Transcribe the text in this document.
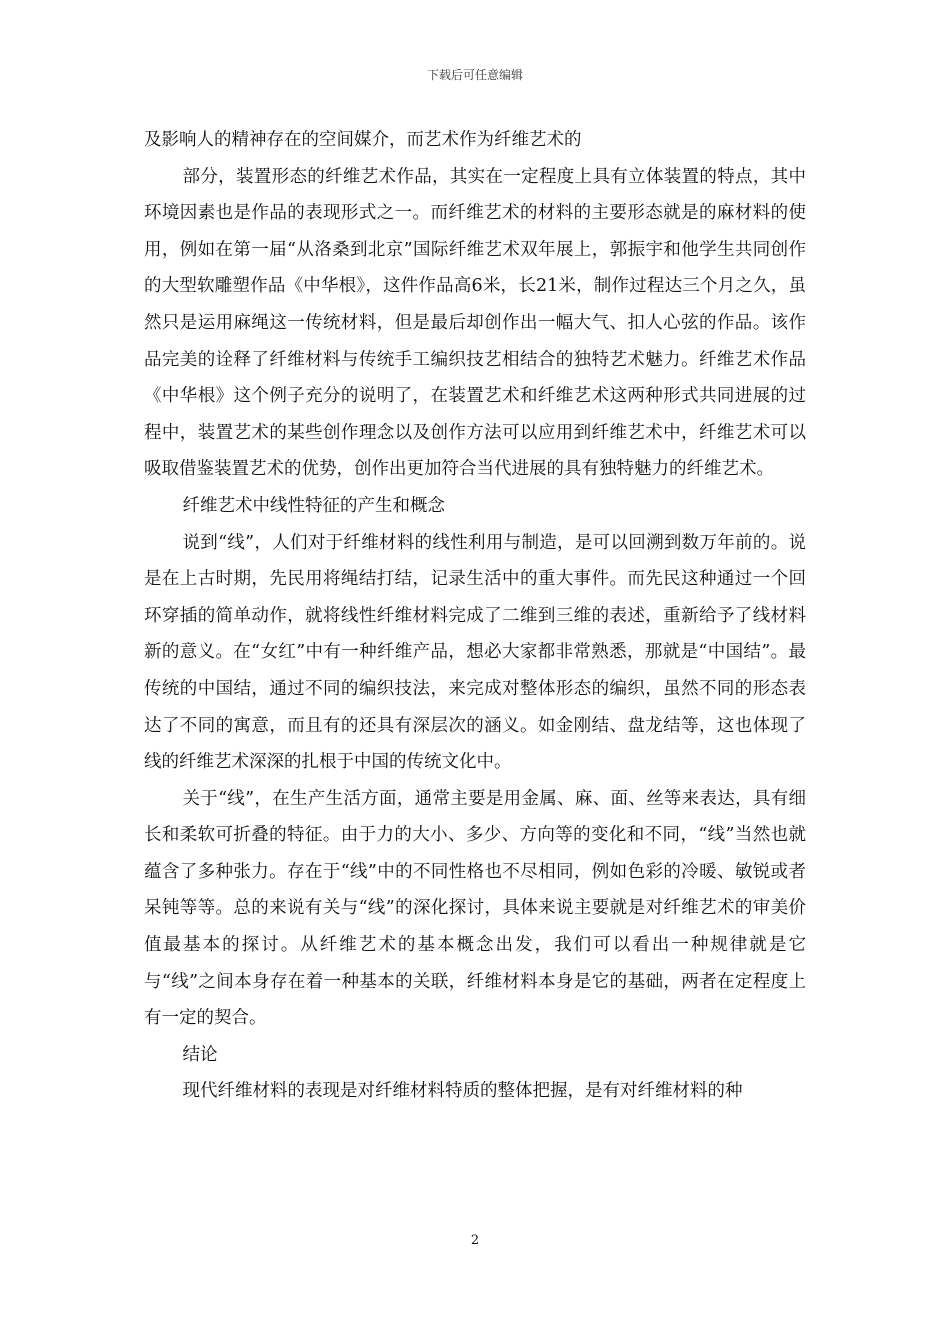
下载后可任意编辑

及影响人的精神存在的空间媒介，而艺术作为纤维艺术的

部分，装置形态的纤维艺术作品，其实在一定程度上具有立体装置的特点，其中环境因素也是作品的表现形式之一。而纤维艺术的材料的主要形态就是的麻材料的使用，例如在第一届“从洛桑到北京”国际纤维艺术双年展上，郭振宇和他学生共同创作的大型软雕塑作品《中华根》，这件作品高6米，长21米，制作过程达三个月之久，虽然只是运用麻绳这一传统材料，但是最后却创作出一幅大气、扣人心弦的作品。该作品完美的诠释了纤维材料与传统手工编织技艺相结合的独特艺术魅力。纤维艺术作品《中华根》这个例子充分的说明了，在装置艺术和纤维艺术这两种形式共同进展的过程中，装置艺术的某些创作理念以及创作方法可以应用到纤维艺术中，纤维艺术可以吸取借鉴装置艺术的优势，创作出更加符合当代进展的具有独特魅力的纤维艺术。

纤维艺术中线性特征的产生和概念

说到“线”，人们对于纤维材料的线性利用与制造，是可以回溯到数万年前的。说是在上古时期，先民用将绳结打结，记录生活中的重大事件。而先民这种通过一个回环穿插的简单动作，就将线性纤维材料完成了二维到三维的表述，重新给予了线材料新的意义。在“女红”中有一种纤维产品，想必大家都非常熟悉，那就是“中国结”。最传统的中国结，通过不同的编织技法，来完成对整体形态的编织，虽然不同的形态表达了不同的寓意，而且有的还具有深层次的涵义。如金刚结、盘龙结等，这也体现了线的纤维艺术深深的扎根于中国的传统文化中。

关于“线”，在生产生活方面，通常主要是用金属、麻、面、丝等来表达，具有细长和柔软可折叠的特征。由于力的大小、多少、方向等的变化和不同，“线”当然也就蕴含了多种张力。存在于“线”中的不同性格也不尽相同，例如色彩的冷暖、敏锐或者呆钝等等。总的来说有关与“线”的深化探讨，具体来说主要就是对纤维艺术的审美价值最基本的探讨。从纤维艺术的基本概念出发，我们可以看出一种规律就是它与“线”之间本身存在着一种基本的关联，纤维材料本身是它的基础，两者在定程度上有一定的契合。

结论

现代纤维材料的表现是对纤维材料特质的整体把握，是有对纤维材料的种

2
